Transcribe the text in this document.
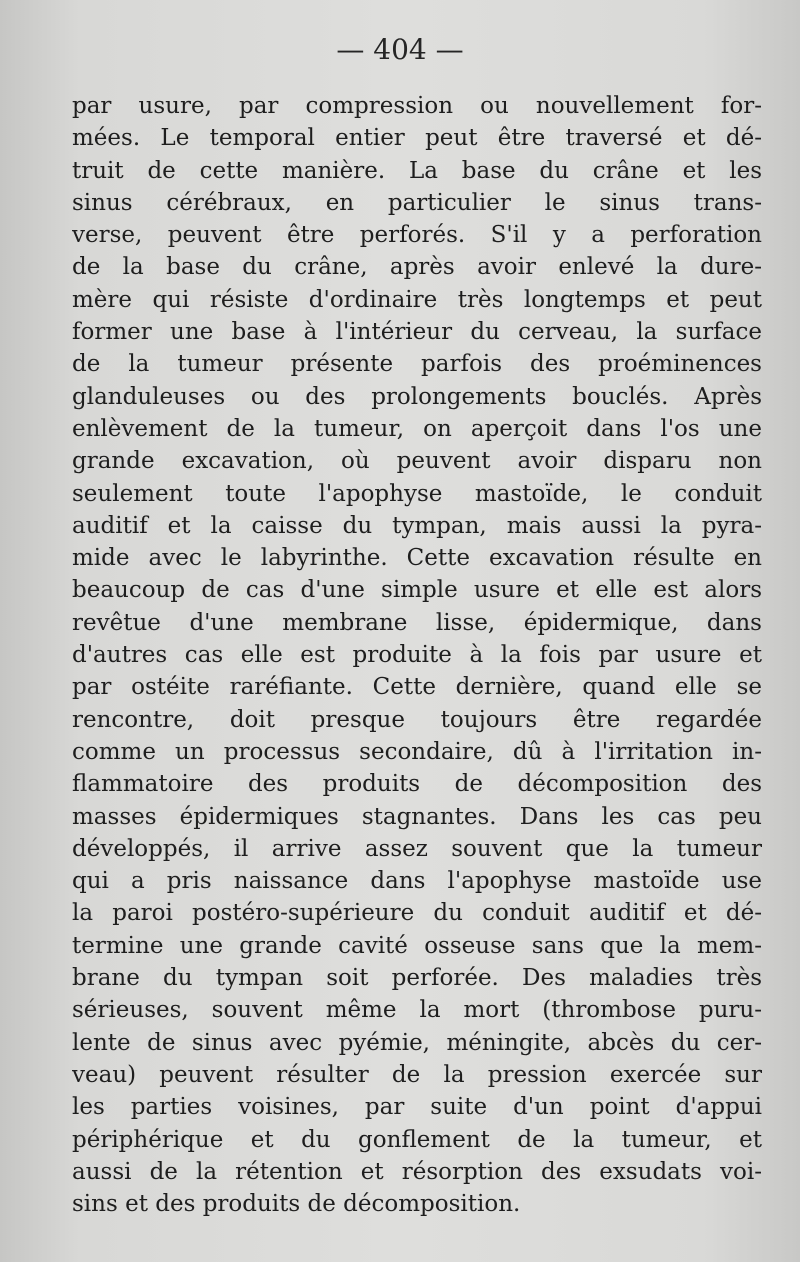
— 404 —
par usure, par compression ou nouvellement for-
mées. Le temporal entier peut être traversé et dé-
truit de cette manière. La base du crâne et les
sinus cérébraux, en particulier le sinus trans-
verse, peuvent être perforés. S'il y a perforation
de la base du crâne, après avoir enlevé la dure-
mère qui résiste d'ordinaire très longtemps et peut
former une base à l'intérieur du cerveau, la surface
de la tumeur présente parfois des proéminences
glanduleuses ou des prolongements bouclés. Après
enlèvement de la tumeur, on aperçoit dans l'os une
grande excavation, où peuvent avoir disparu non
seulement toute l'apophyse mastoïde, le conduit
auditif et la caisse du tympan, mais aussi la pyra-
mide avec le labyrinthe. Cette excavation résulte en
beaucoup de cas d'une simple usure et elle est alors
revêtue d'une membrane lisse, épidermique, dans
d'autres cas elle est produite à la fois par usure et
par ostéite raréfiante. Cette dernière, quand elle se
rencontre, doit presque toujours être regardée
comme un processus secondaire, dû à l'irritation in-
flammatoire des produits de décomposition des
masses épidermiques stagnantes. Dans les cas peu
développés, il arrive assez souvent que la tumeur
qui a pris naissance dans l'apophyse mastoïde use
la paroi postéro-supérieure du conduit auditif et dé-
termine une grande cavité osseuse sans que la mem-
brane du tympan soit perforée. Des maladies très
sérieuses, souvent même la mort (thrombose puru-
lente de sinus avec pyémie, méningite, abcès du cer-
veau) peuvent résulter de la pression exercée sur
les parties voisines, par suite d'un point d'appui
périphérique et du gonflement de la tumeur, et
aussi de la rétention et résorption des exsudats voi-
sins et des produits de décomposition.
